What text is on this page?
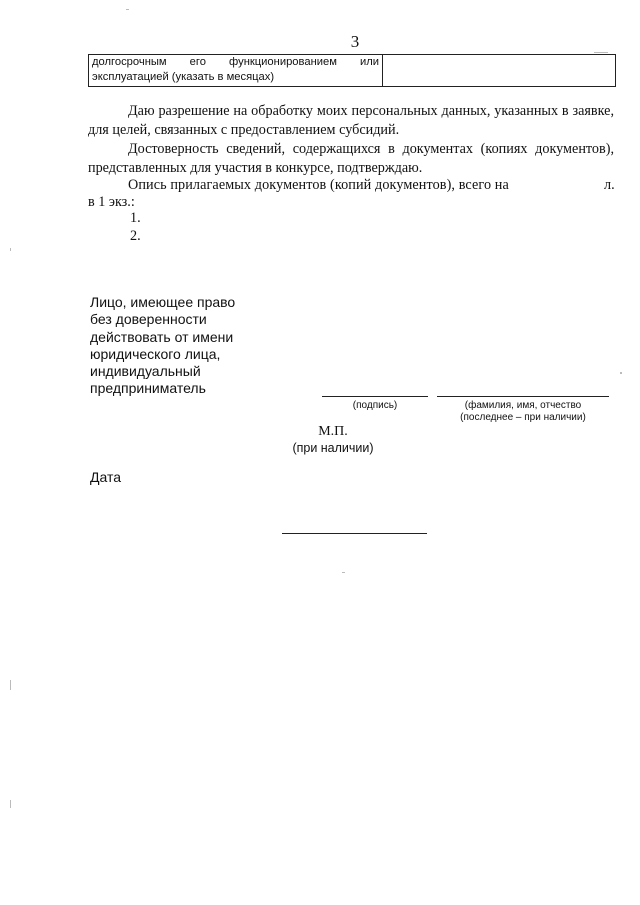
3
долгосрочным его функционированием или
эксплуатацией (указать в месяцах)

Даю разрешение на обработку моих персональных данных, указанных в заявке, для целей, связанных с предоставлением субсидий.
Достоверность сведений, содержащихся в документах (копиях документов), представленных для участия в конкурсе, подтверждаю.
Опись прилагаемых документов (копий документов), всего на	л.
в 1 экз.:
1.
2.
Лицо, имеющее право
без доверенности
действовать от имени
юридического лица,
индивидуальный
предприниматель
(подпись)	(фамилия, имя, отчество
(последнее – при наличии)
М.П.
(при наличии)
Дата
